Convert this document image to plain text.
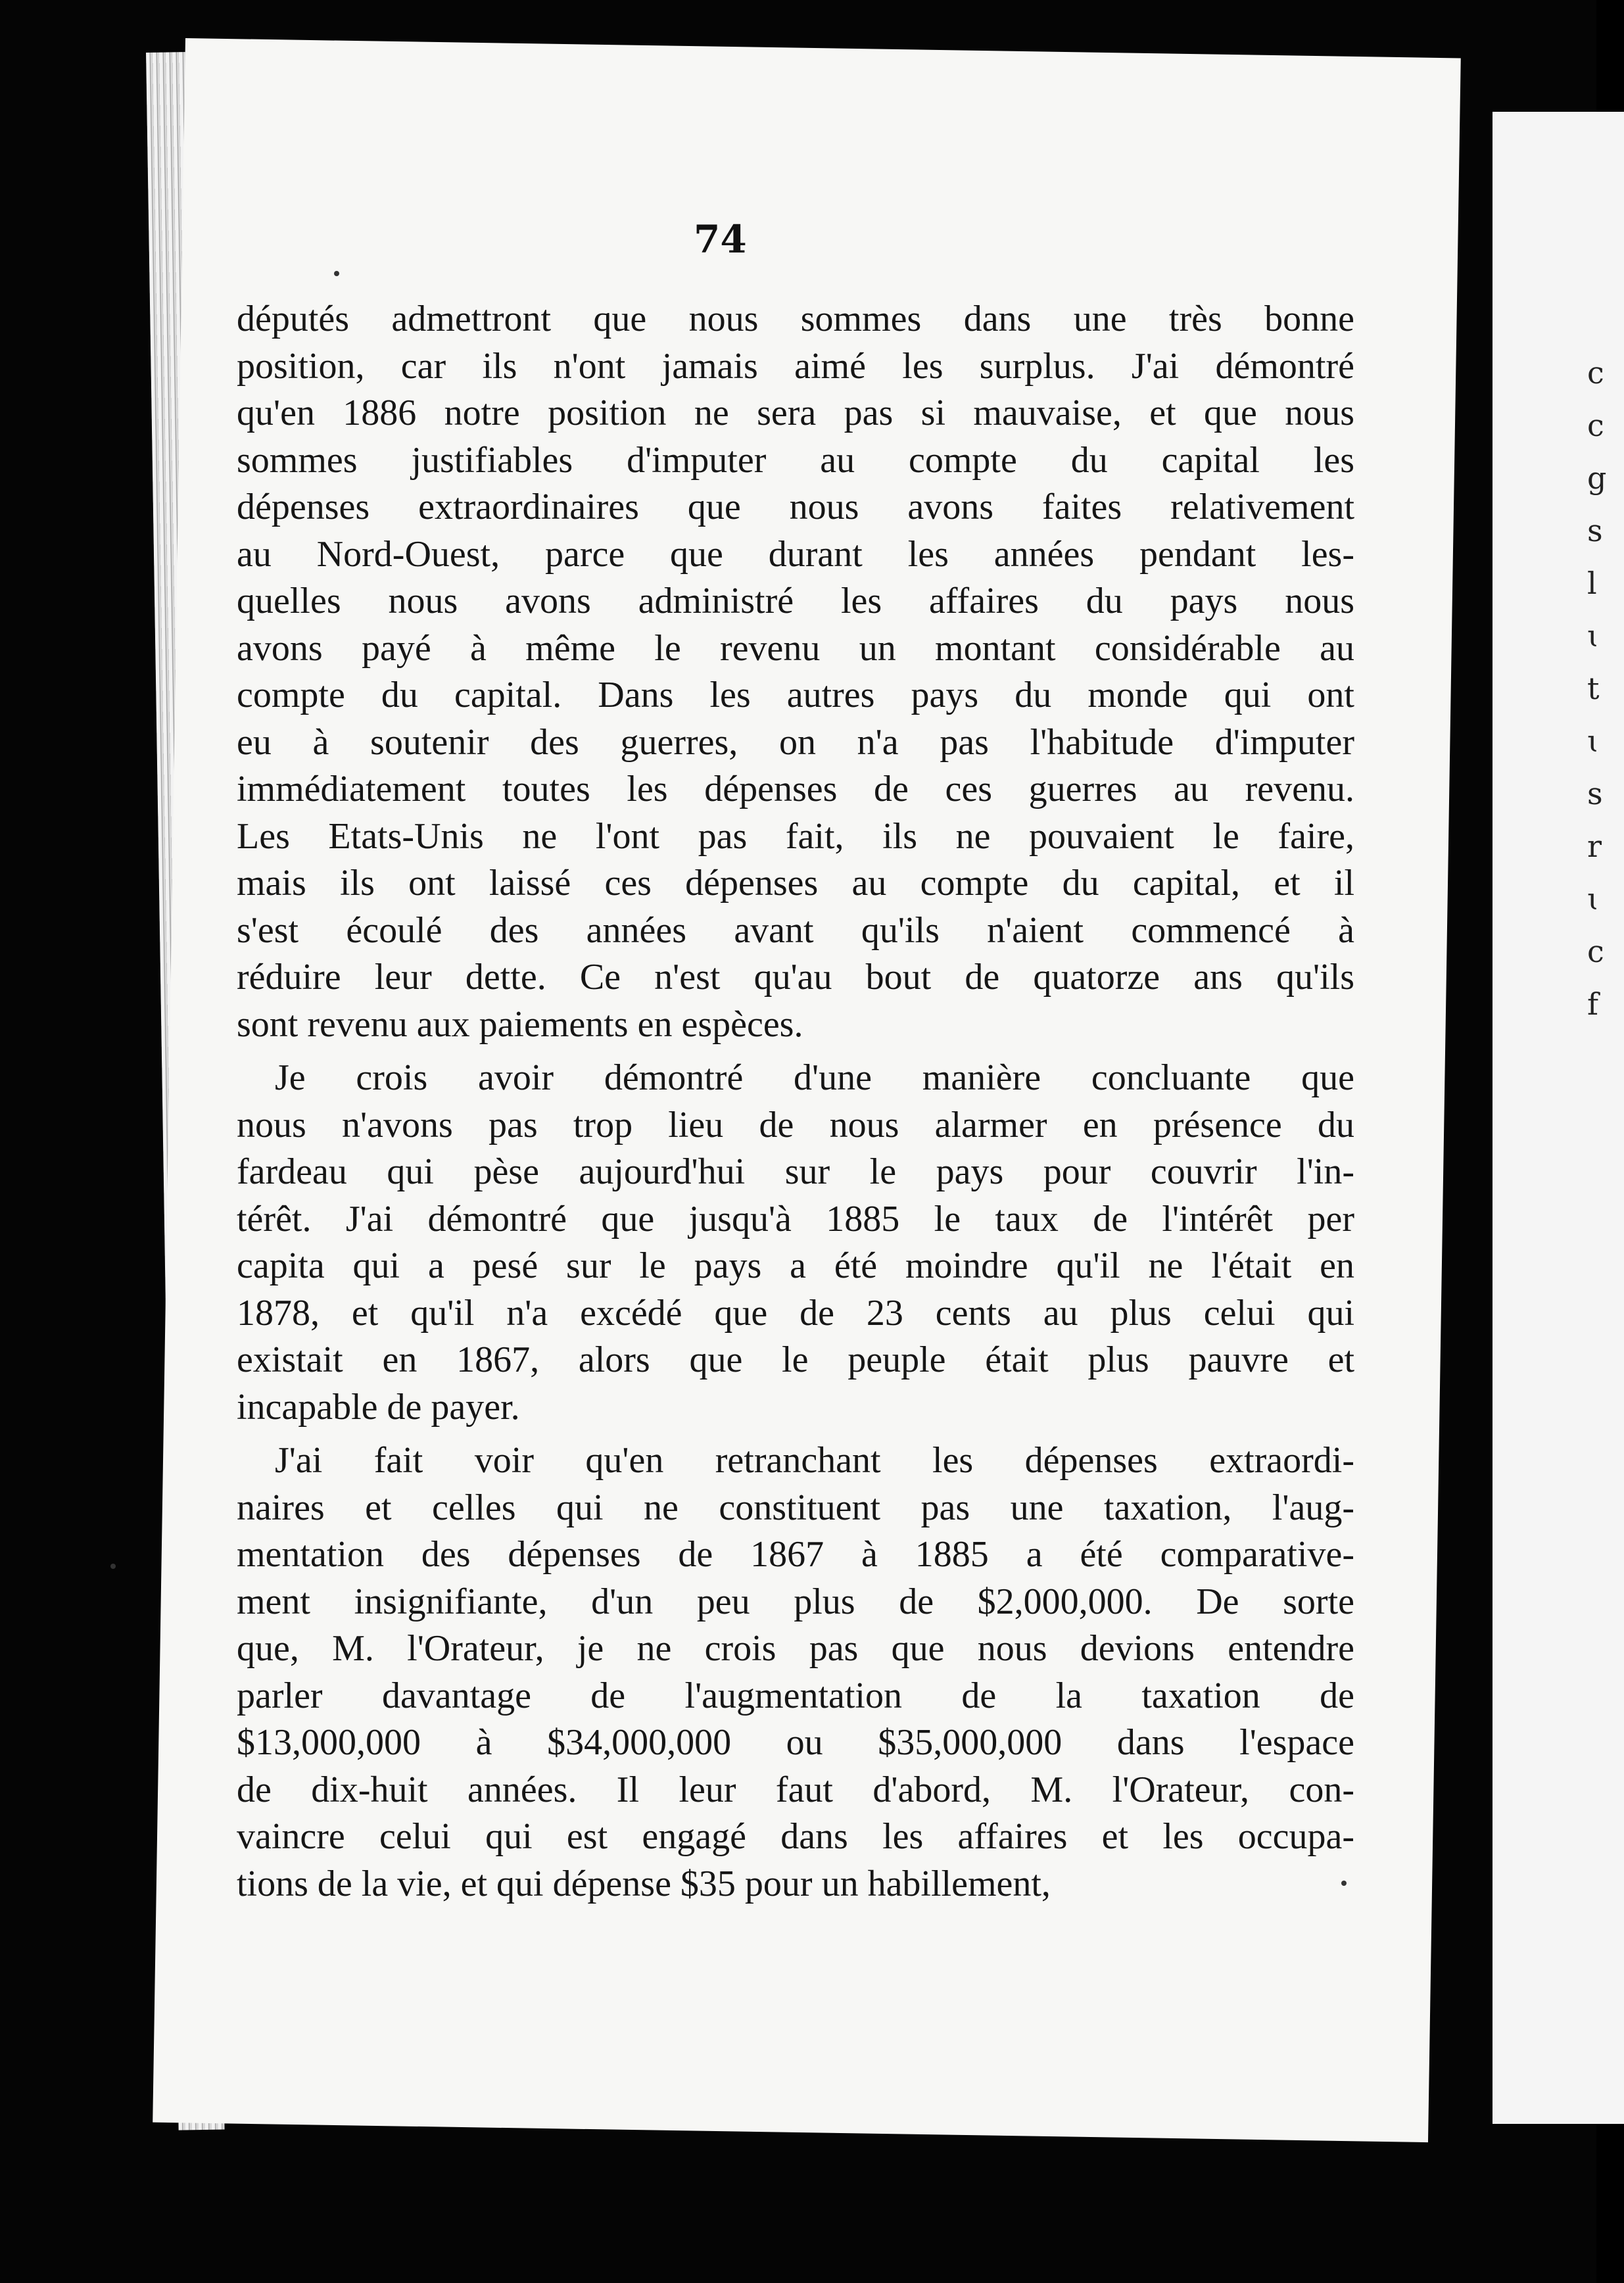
c
c
g
s
l
ɩ
t
ɩ
s
r
ɩ
c
f
74
députés admettront que nous sommes dans une très bonne
position, car ils n'ont jamais aimé les surplus. J'ai démontré
qu'en 1886 notre position ne sera pas si mauvaise, et que nous
sommes justifiables d'imputer au compte du capital les
dépenses extraordinaires que nous avons faites relativement
au Nord-Ouest, parce que durant les années pendant les-
quelles nous avons administré les affaires du pays nous
avons payé à même le revenu un montant considérable au
compte du capital. Dans les autres pays du monde qui ont
eu à soutenir des guerres, on n'a pas l'habitude d'imputer
immédiatement toutes les dépenses de ces guerres au revenu.
Les Etats-Unis ne l'ont pas fait, ils ne pouvaient le faire,
mais ils ont laissé ces dépenses au compte du capital, et il
s'est écoulé des années avant qu'ils n'aient commencé à
réduire leur dette. Ce n'est qu'au bout de quatorze ans qu'ils
sont revenu aux paiements en espèces.
Je crois avoir démontré d'une manière concluante que
nous n'avons pas trop lieu de nous alarmer en présence du
fardeau qui pèse aujourd'hui sur le pays pour couvrir l'in-
térêt. J'ai démontré que jusqu'à 1885 le taux de l'intérêt per
capita qui a pesé sur le pays a été moindre qu'il ne l'était en
1878, et qu'il n'a excédé que de 23 cents au plus celui qui
existait en 1867, alors que le peuple était plus pauvre et
incapable de payer.
J'ai fait voir qu'en retranchant les dépenses extraordi-
naires et celles qui ne constituent pas une taxation, l'aug-
mentation des dépenses de 1867 à 1885 a été comparative-
ment insignifiante, d'un peu plus de $2,000,000. De sorte
que, M. l'Orateur, je ne crois pas que nous devions entendre
parler davantage de l'augmentation de la taxation de
$13,000,000 à $34,000,000 ou $35,000,000 dans l'espace
de dix-huit années. Il leur faut d'abord, M. l'Orateur, con-
vaincre celui qui est engagé dans les affaires et les occupa-
tions de la vie, et qui dépense $35 pour un habillement,
